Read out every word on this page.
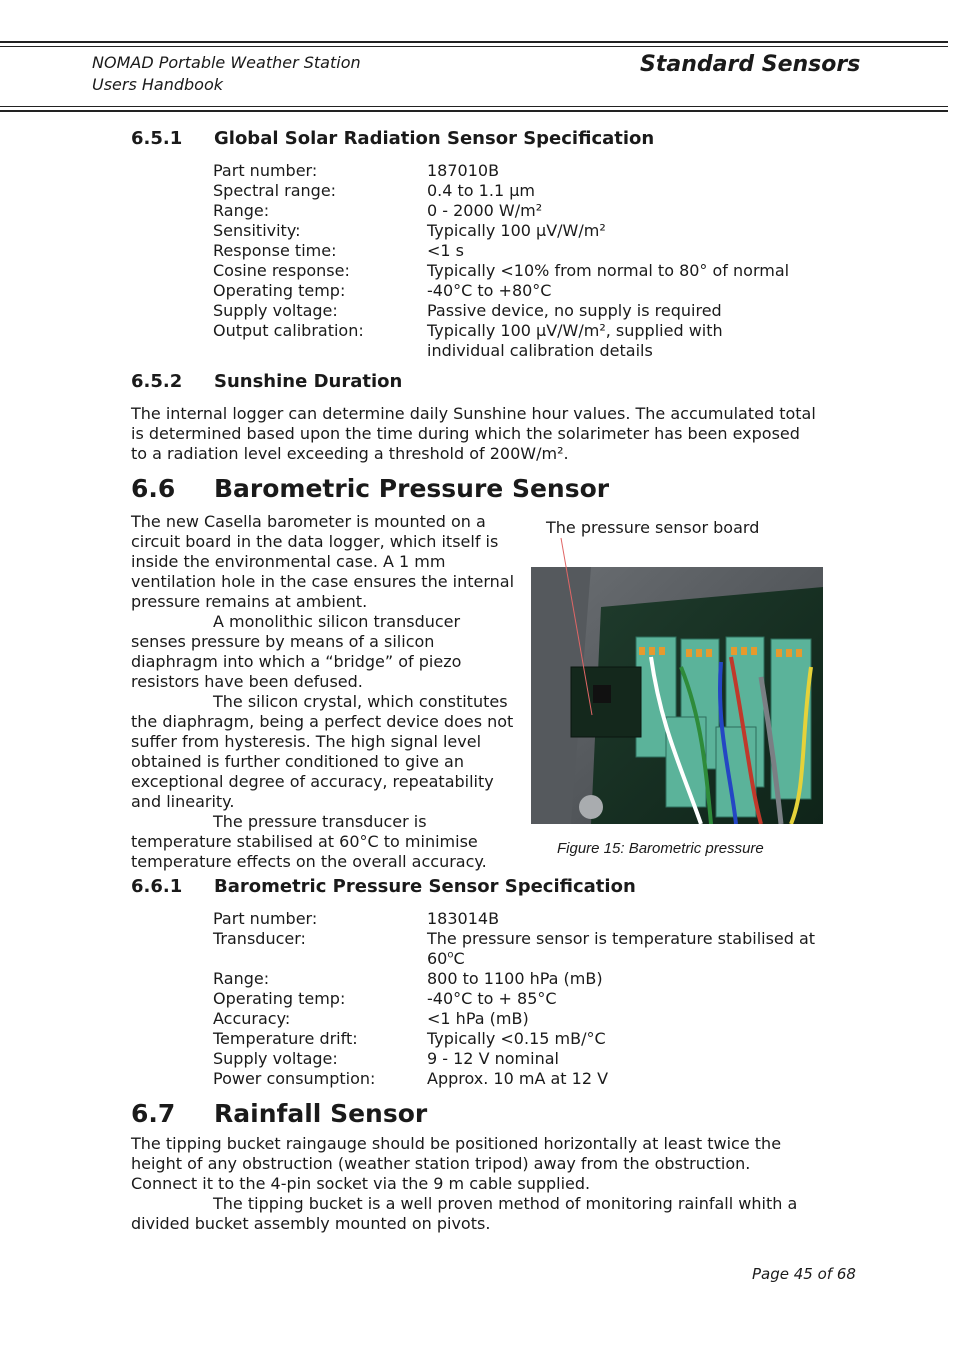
NOMAD Portable Weather Station
Users Handbook
Standard Sensors
6.5.1 Global Solar Radiation Sensor Specification
Part number:	187010B
Spectral range:	0.4 to 1.1 µm
Range:	0 - 2000 W/m²
Sensitivity:	Typically 100 µV/W/m²
Response time:	<1 s
Cosine response:	Typically <10% from normal to 80° of normal
Operating temp:	-40°C to +80°C
Supply voltage:	Passive device, no supply is required
Output calibration:	Typically 100 µV/W/m², supplied with individual calibration details
6.5.2 Sunshine Duration
The internal logger can determine daily Sunshine hour values. The accumulated total is determined based upon the time during which the solarimeter has been exposed to a radiation level exceeding a threshold of 200W/m².
6.6 Barometric Pressure Sensor
The new Casella barometer is mounted on a circuit board in the data logger, which itself is inside the environmental case. A 1 mm ventilation hole in the case ensures the internal pressure remains at ambient.
A monolithic silicon transducer senses pressure by means of a silicon diaphragm into which a “bridge” of piezo resistors have been defused.
The silicon crystal, which constitutes the diaphragm, being a perfect device does not suffer from hysteresis. The high signal level obtained is further conditioned to give an exceptional degree of accuracy, repeatability and linearity.
The pressure transducer is temperature stabilised at 60°C to minimise temperature effects on the overall accuracy.
The pressure sensor board
Figure 15: Barometric pressure
6.6.1 Barometric Pressure Sensor Specification
Part number:	183014B
Transducer:	The pressure sensor is temperature stabilised at 60$^o$C
Range:	800 to 1100 hPa (mB)
Operating temp:	-40°C to + 85°C
Accuracy:	<1 hPa (mB)
Temperature drift:	Typically <0.15 mB/°C
Supply voltage:	9 - 12 V nominal
Power consumption:	Approx. 10 mA at 12 V
6.7 Rainfall Sensor
The tipping bucket raingauge should be positioned horizontally at least twice the height of any obstruction (weather station tripod) away from the obstruction. Connect it to the 4-pin socket via the 9 m cable supplied.
The tipping bucket is a well proven method of monitoring rainfall whith a divided bucket assembly mounted on pivots.
Page 45 of 68
